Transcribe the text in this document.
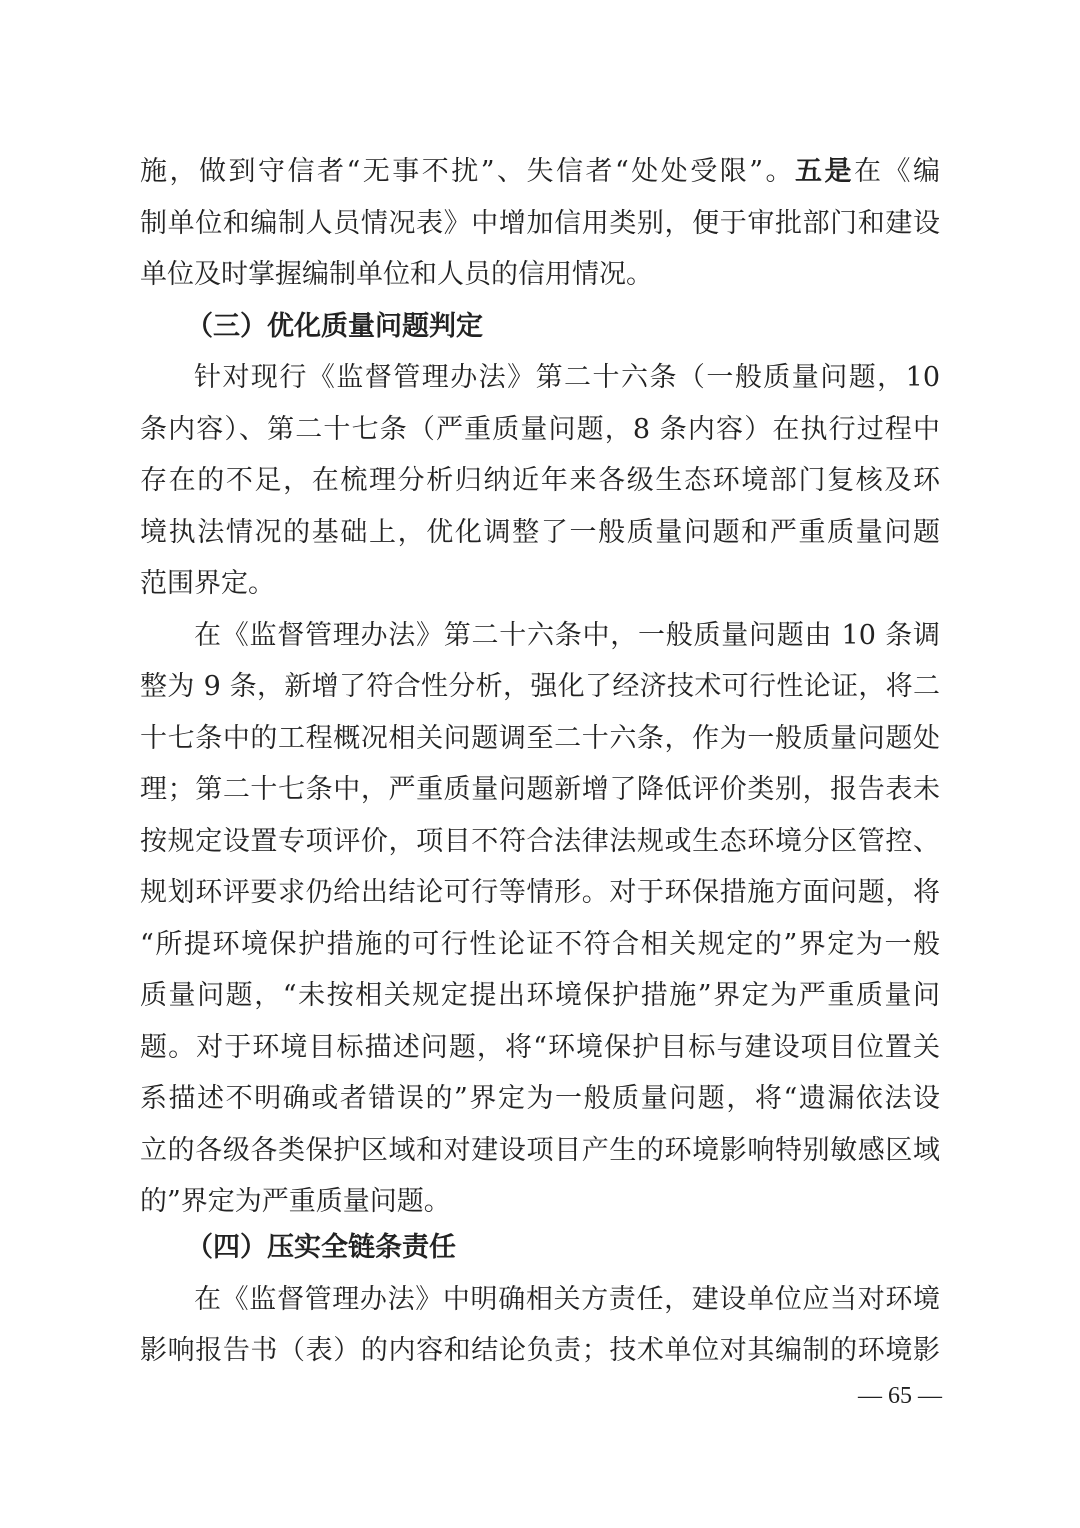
施，做到守信者“无事不扰”、失信者“处处受限”。五是在《编
制单位和编制人员情况表》中增加信用类别，便于审批部门和建设
单位及时掌握编制单位和人员的信用情况。
（三）优化质量问题判定
针对现行《监督管理办法》第二十六条（一般质量问题，10
条内容）、第二十七条（严重质量问题，8 条内容）在执行过程中
存在的不足，在梳理分析归纳近年来各级生态环境部门复核及环
境执法情况的基础上，优化调整了一般质量问题和严重质量问题
范围界定。
在《监督管理办法》第二十六条中，一般质量问题由 10 条调
整为 9 条，新增了符合性分析，强化了经济技术可行性论证，将二
十七条中的工程概况相关问题调至二十六条，作为一般质量问题处
理；第二十七条中，严重质量问题新增了降低评价类别，报告表未
按规定设置专项评价，项目不符合法律法规或生态环境分区管控、
规划环评要求仍给出结论可行等情形。对于环保措施方面问题，将
“所提环境保护措施的可行性论证不符合相关规定的”界定为一般
质量问题，“未按相关规定提出环境保护措施”界定为严重质量问
题。对于环境目标描述问题，将“环境保护目标与建设项目位置关
系描述不明确或者错误的”界定为一般质量问题，将“遗漏依法设
立的各级各类保护区域和对建设项目产生的环境影响特别敏感区域
的”界定为严重质量问题。
（四）压实全链条责任
在《监督管理办法》中明确相关方责任，建设单位应当对环境
影响报告书（表）的内容和结论负责；技术单位对其编制的环境影
— 65 —
